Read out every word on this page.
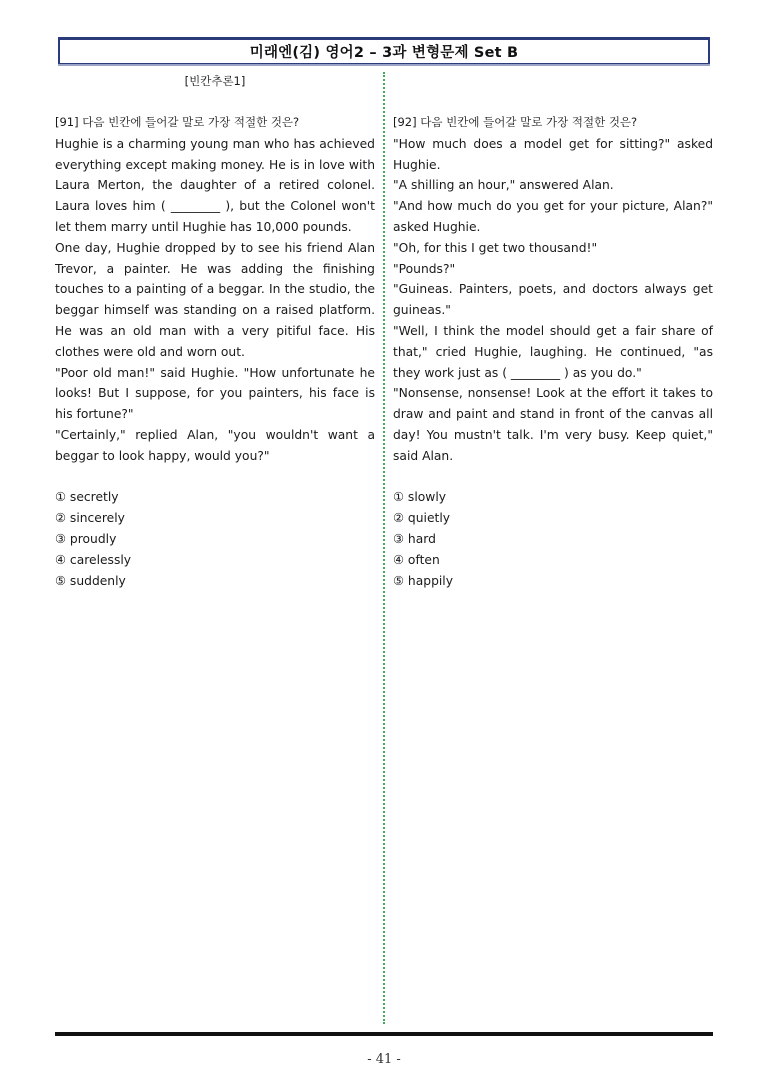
미래엔(김) 영어2 – 3과 변형문제 Set B
[빈칸추론1]
[91] 다음 빈칸에 들어갈 말로 가장 적절한 것은?

Hughie is a charming young man who has achieved everything except making money. He is in love with Laura Merton, the daughter of a retired colonel. Laura loves him ( ________ ), but the Colonel won't let them marry until Hughie has 10,000 pounds.

One day, Hughie dropped by to see his friend Alan Trevor, a painter. He was adding the finishing touches to a painting of a beggar. In the studio, the beggar himself was standing on a raised platform. He was an old man with a very pitiful face. His clothes were old and worn out.

"Poor old man!" said Hughie. "How unfortunate he looks! But I suppose, for you painters, his face is his fortune?"

"Certainly," replied Alan, "you wouldn't want a beggar to look happy, would you?"

① secretly
② sincerely
③ proudly
④ carelessly
⑤ suddenly
[92] 다음 빈칸에 들어갈 말로 가장 적절한 것은?

"How much does a model get for sitting?" asked Hughie.

"A shilling an hour," answered Alan.

"And how much do you get for your picture, Alan?" asked Hughie.

"Oh, for this I get two thousand!"

"Pounds?"

"Guineas. Painters, poets, and doctors always get guineas."

"Well, I think the model should get a fair share of that," cried Hughie, laughing. He continued, "as they work just as ( ________ ) as you do."

"Nonsense, nonsense! Look at the effort it takes to draw and paint and stand in front of the canvas all day! You mustn't talk. I'm very busy. Keep quiet," said Alan.

① slowly
② quietly
③ hard
④ often
⑤ happily
- 41 -
